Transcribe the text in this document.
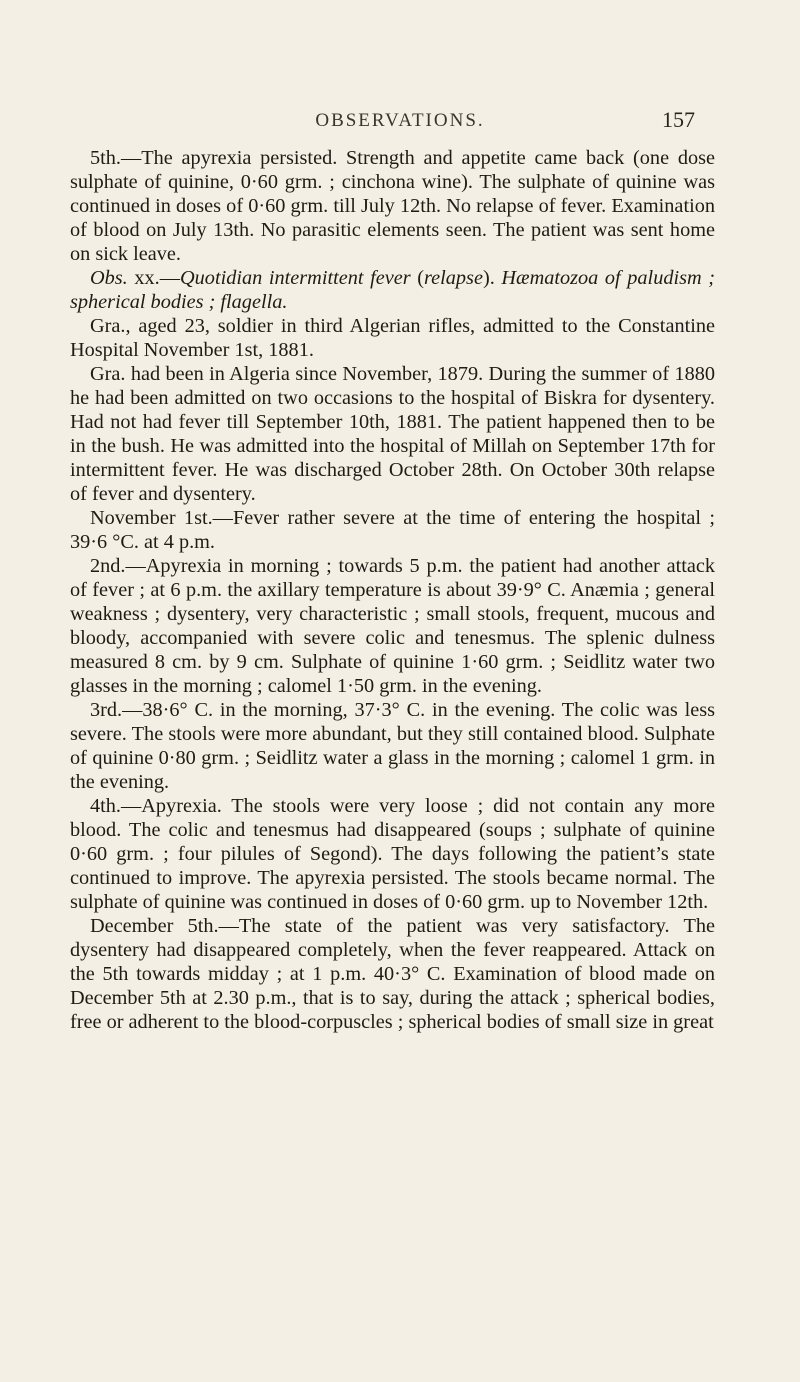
OBSERVATIONS.	157

5th.—The apyrexia persisted. Strength and appetite came back (one dose sulphate of quinine, 0·60 grm. ; cinchona wine). The sulphate of quinine was continued in doses of 0·60 grm. till July 12th. No relapse of fever. Examination of blood on July 13th. No parasitic elements seen. The patient was sent home on sick leave.

Obs. xx.—Quotidian intermittent fever (relapse). Hæmatozoa of paludism ; spherical bodies ; flagella.

Gra., aged 23, soldier in third Algerian rifles, admitted to the Constantine Hospital November 1st, 1881.

Gra. had been in Algeria since November, 1879. During the summer of 1880 he had been admitted on two occasions to the hospital of Biskra for dysentery. Had not had fever till September 10th, 1881. The patient happened then to be in the bush. He was admitted into the hospital of Millah on September 17th for intermittent fever. He was discharged October 28th. On October 30th relapse of fever and dysentery.

November 1st.—Fever rather severe at the time of entering the hospital ; 39·6 °C. at 4 p.m.

2nd.—Apyrexia in morning ; towards 5 p.m. the patient had another attack of fever ; at 6 p.m. the axillary temperature is about 39·9° C. Anæmia ; general weakness ; dysentery, very characteristic ; small stools, frequent, mucous and bloody, accompanied with severe colic and tenesmus. The splenic dulness measured 8 cm. by 9 cm. Sulphate of quinine 1·60 grm. ; Seidlitz water two glasses in the morning ; calomel 1·50 grm. in the evening.

3rd.—38·6° C. in the morning, 37·3° C. in the evening. The colic was less severe. The stools were more abundant, but they still contained blood. Sulphate of quinine 0·80 grm. ; Seidlitz water a glass in the morning ; calomel 1 grm. in the evening.

4th.—Apyrexia. The stools were very loose ; did not contain any more blood. The colic and tenesmus had disappeared (soups ; sulphate of quinine 0·60 grm. ; four pilules of Segond). The days following the patient’s state continued to improve. The apyrexia persisted. The stools became normal. The sulphate of quinine was continued in doses of 0·60 grm. up to November 12th.

December 5th.—The state of the patient was very satisfactory. The dysentery had disappeared completely, when the fever reappeared. Attack on the 5th towards midday ; at 1 p.m. 40·3° C. Examination of blood made on December 5th at 2.30 p.m., that is to say, during the attack ; spherical bodies, free or adherent to the blood-corpuscles ; spherical bodies of small size in great
